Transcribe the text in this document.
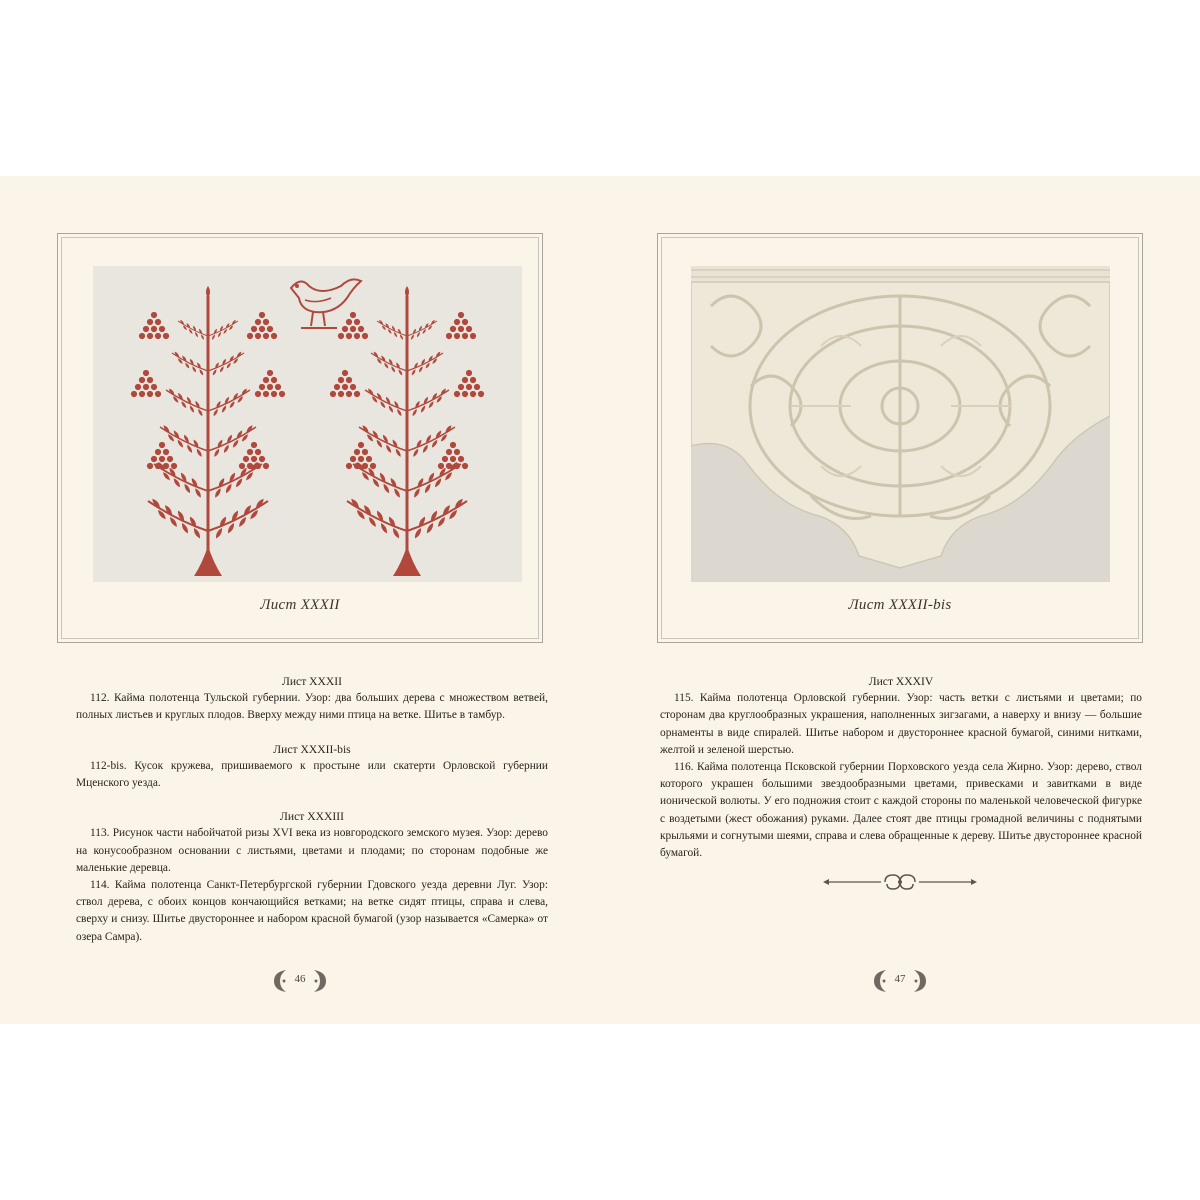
Лист XXXII
Лист XXXII

112. Кайма полотенца Тульской губернии. Узор: два больших дерева с множеством ветвей, полных листьев и круглых плодов. Вверху между ними птица на ветке. Шитье в тамбур.

Лист XXXII-bis

112-bis. Кусок кружева, пришиваемого к простыне или скатерти Орловской губернии Мценского уезда.

Лист XXXIII

113. Рисунок части набойчатой ризы XVI века из новгородского земского музея. Узор: дерево на конусообразном основании с листьями, цветами и плодами; по сторонам подобные же маленькие деревца.

114. Кайма полотенца Санкт-Петербургской губернии Гдовского уезда деревни Луг. Узор: ствол дерева, с обоих концов кончающийся ветками; на ветке сидят птицы, справа и слева, сверху и снизу. Шитье двустороннее и набором красной бумагой (узор называется «Самерка» от озера Самра).

46
Лист XXXII-bis
Лист XXXIV

115. Кайма полотенца Орловской губернии. Узор: часть ветки с листьями и цветами; по сторонам два круглообразных украшения, наполненных зигзагами, а наверху и внизу — большие орнаменты в виде спиралей. Шитье набором и двустороннее красной бумагой, синими нитками, желтой и зеленой шерстью.

116. Кайма полотенца Псковской губернии Порховского уезда села Жирно. Узор: дерево, ствол которого украшен большими звездообразными цветами, привесками и завитками в виде ионической волюты. У его подножия стоит с каждой стороны по маленькой человеческой фигурке с воздетыми (жест обожания) руками. Далее стоят две птицы громадной величины с поднятыми крыльями и согнутыми шеями, справа и слева обращенные к дереву. Шитье двустороннее красной бумагой.

47
